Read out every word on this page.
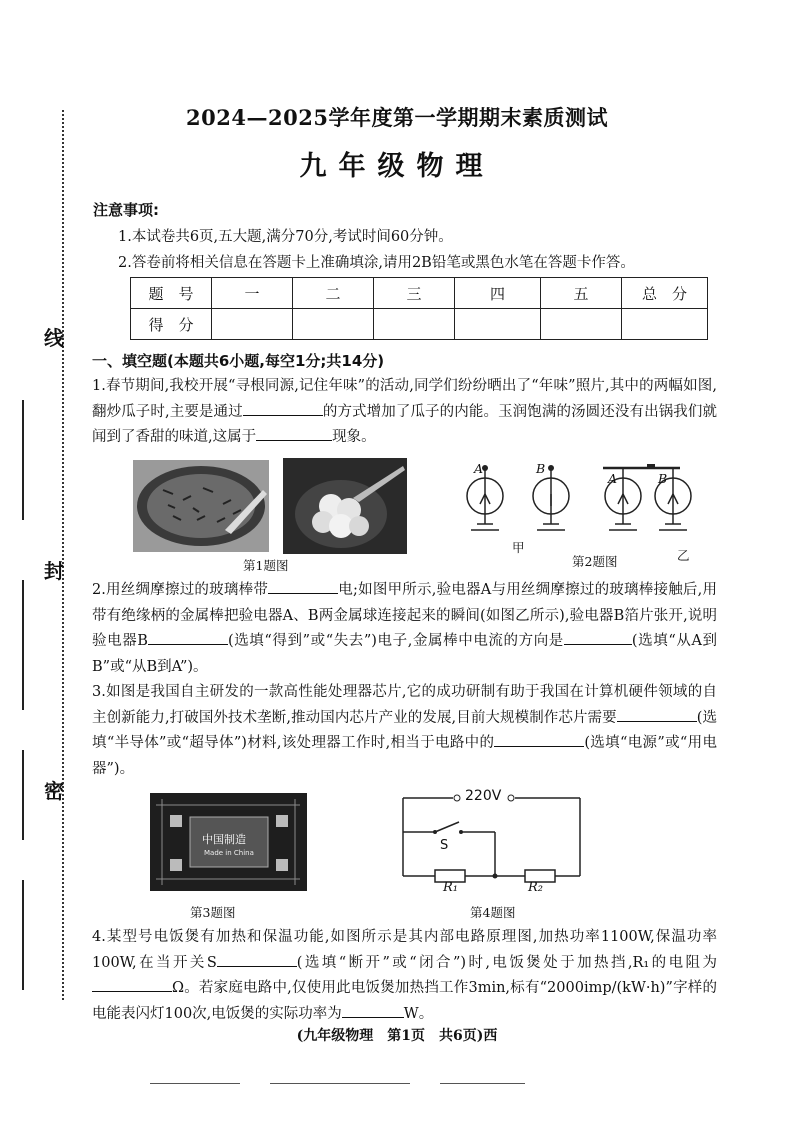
线
封
密
2024—2025学年度第一学期期末素质测试
九年级物理
注意事项:
1.本试卷共6页,五大题,满分70分,考试时间60分钟。
2.答卷前将相关信息在答题卡上准确填涂,请用2B铅笔或黑色水笔在答题卡作答。
题　号	一	二	三	四	五	总　分
得　分						
一、填空题(本题共6小题,每空1分;共14分)
1.春节期间,我校开展“寻根同源,记住年味”的活动,同学们纷纷晒出了“年味”照片,其中的两幅如图,翻炒瓜子时,主要是通过	的方式增加了瓜子的内能。玉润饱满的汤圆还没有出锅我们就闻到了香甜的味道,这属于	现象。
第1题图
A	B
A	B
甲
乙
第2题图
2.用丝绸摩擦过的玻璃棒带	电;如图甲所示,验电器A与用丝绸摩擦过的玻璃棒接触后,用带有绝缘柄的金属棒把验电器A、B两金属球连接起来的瞬间(如图乙所示),验电器B箔片张开,说明验电器B	(选填“得到”或“失去”)电子,金属棒中电流的方向是	(选填“从A到B”或“从B到A”)。
3.如图是我国自主研发的一款高性能处理器芯片,它的成功研制有助于我国在计算机硬件领域的自主创新能力,打破国外技术垄断,推动国内芯片产业的发展,目前大规模制作芯片需要	(选填“半导体”或“超导体”)材料,该处理器工作时,相当于电路中的	(选填“电源”或“用电器”)。
中国制造
Made in China
第3题图
220V
S
R₁	R₂
第4题图
4.某型号电饭煲有加热和保温功能,如图所示是其内部电路原理图,加热功率1100W,保温功率100W,在当开关S	(选填“断开”或“闭合”)时,电饭煲处于加热挡,R₁的电阻为Ω。若家庭电路中,仅使用此电饭煲加热挡工作3min,标有“2000imp/(kW·h)”字样的电能表闪灯100次,电饭煲的实际功率为	W。
(九年级物理　第1页　共6页)西
